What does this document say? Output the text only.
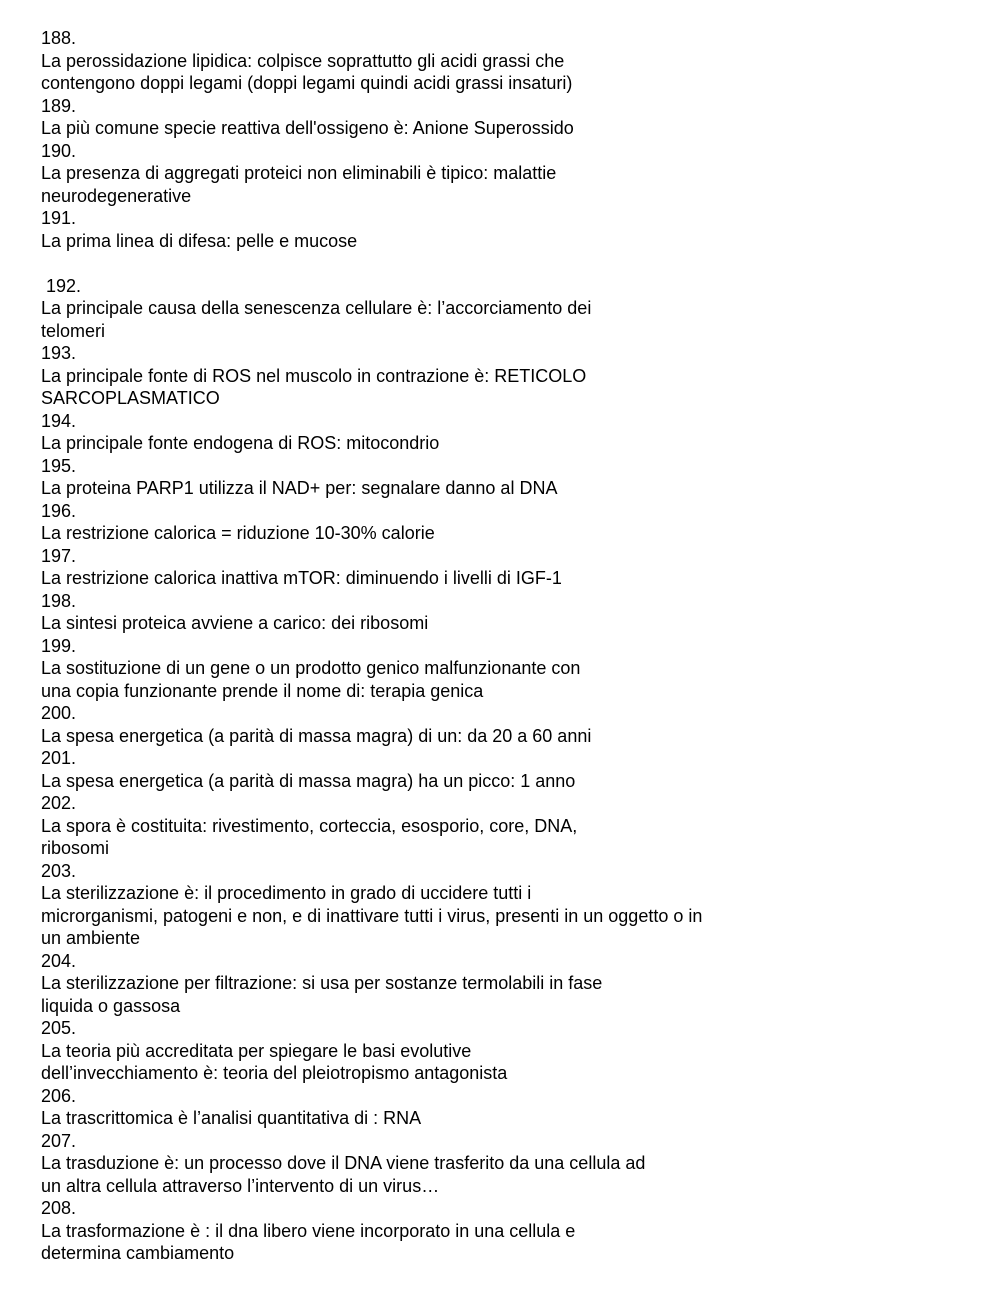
188.
La perossidazione lipidica: colpisce soprattutto gli acidi grassi che
contengono doppi legami (doppi legami quindi acidi grassi insaturi)
189.
La più comune specie reattiva dell'ossigeno è: Anione Superossido
190.
La presenza di aggregati proteici non eliminabili è tipico: malattie
neurodegenerative
191.
La prima linea di difesa: pelle e mucose
192.
La principale causa della senescenza cellulare è: l’accorciamento dei
telomeri
193.
La principale fonte di ROS nel muscolo in contrazione è: RETICOLO
SARCOPLASMATICO
194.
La principale fonte endogena di ROS: mitocondrio
195.
La proteina PARP1 utilizza il NAD+ per: segnalare danno al DNA
196.
La restrizione calorica = riduzione 10-30% calorie
197.
La restrizione calorica inattiva mTOR: diminuendo i livelli di IGF-1
198.
La sintesi proteica avviene a carico: dei ribosomi
199.
La sostituzione di un gene o un prodotto genico malfunzionante con
una copia funzionante prende il nome di: terapia genica
200.
La spesa energetica (a parità di massa magra) di un: da 20 a 60 anni
201.
La spesa energetica (a parità di massa magra) ha un picco: 1 anno
202.
La spora è costituita: rivestimento, corteccia, esosporio, core, DNA,
ribosomi
203.
La sterilizzazione è: il procedimento in grado di uccidere tutti i
microrganismi, patogeni e non, e di inattivare tutti i virus, presenti in un oggetto o in
un ambiente
204.
La sterilizzazione per filtrazione: si usa per sostanze termolabili in fase
liquida o gassosa
205.
La teoria più accreditata per spiegare le basi evolutive
dell’invecchiamento è: teoria del pleiotropismo antagonista
206.
La trascrittomica è l’analisi quantitativa di : RNA
207.
La trasduzione è: un processo dove il DNA viene trasferito da una cellula ad
un altra cellula attraverso l’intervento di un virus…
208.
La trasformazione è : il dna libero viene incorporato in una cellula e
determina cambiamento
